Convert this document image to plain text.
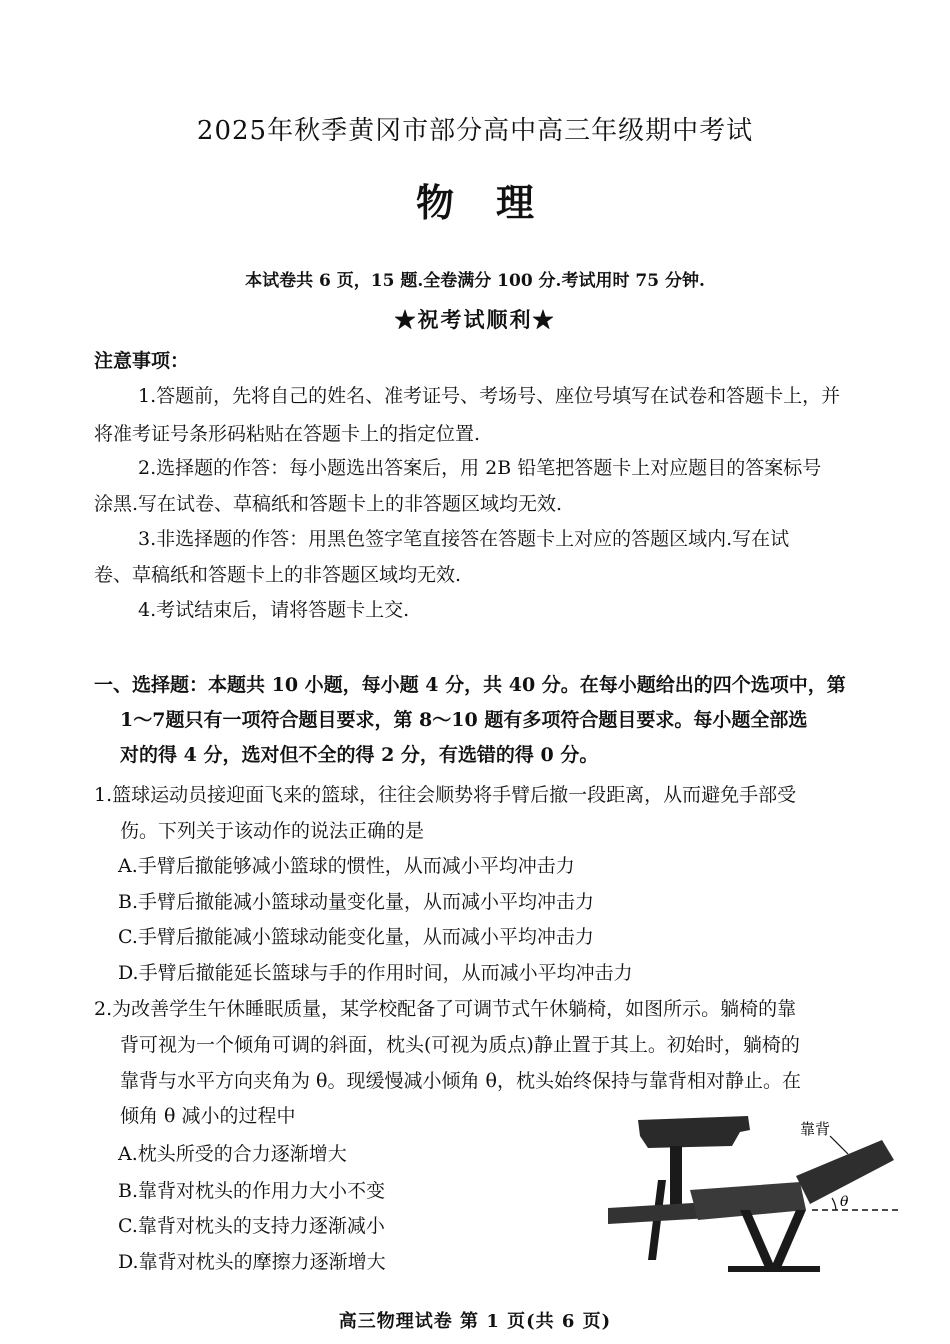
2025年秋季黄冈市部分高中高三年级期中考试
物理
本试卷共 6 页，15 题.全卷满分 100 分.考试用时 75 分钟.
★祝考试顺利★
注意事项：
1.答题前，先将自己的姓名、准考证号、考场号、座位号填写在试卷和答题卡上，并
将准考证号条形码粘贴在答题卡上的指定位置.
2.选择题的作答：每小题选出答案后，用 2B 铅笔把答题卡上对应题目的答案标号
涂黑.写在试卷、草稿纸和答题卡上的非答题区域均无效.
3.非选择题的作答：用黑色签字笔直接答在答题卡上对应的答题区域内.写在试
卷、草稿纸和答题卡上的非答题区域均无效.
4.考试结束后，请将答题卡上交.
一、选择题：本题共 10 小题，每小题 4 分，共 40 分。在每小题给出的四个选项中，第
1～7题只有一项符合题目要求，第 8～10 题有多项符合题目要求。每小题全部选
对的得 4 分，选对但不全的得 2 分，有选错的得 0 分。
1.篮球运动员接迎面飞来的篮球，往往会顺势将手臂后撤一段距离，从而避免手部受
伤。下列关于该动作的说法正确的是
A.手臂后撤能够减小篮球的惯性，从而减小平均冲击力
B.手臂后撤能减小篮球动量变化量，从而减小平均冲击力
C.手臂后撤能减小篮球动能变化量，从而减小平均冲击力
D.手臂后撤能延长篮球与手的作用时间，从而减小平均冲击力
2.为改善学生午休睡眠质量，某学校配备了可调节式午休躺椅，如图所示。躺椅的靠
背可视为一个倾角可调的斜面，枕头(可视为质点)静止置于其上。初始时，躺椅的
靠背与水平方向夹角为 θ。现缓慢减小倾角 θ，枕头始终保持与靠背相对静止。在
倾角 θ 减小的过程中
A.枕头所受的合力逐渐增大
B.靠背对枕头的作用力大小不变
C.靠背对枕头的支持力逐渐减小
D.靠背对枕头的摩擦力逐渐增大
靠背
θ
高三物理试卷 第 1 页(共 6 页)
